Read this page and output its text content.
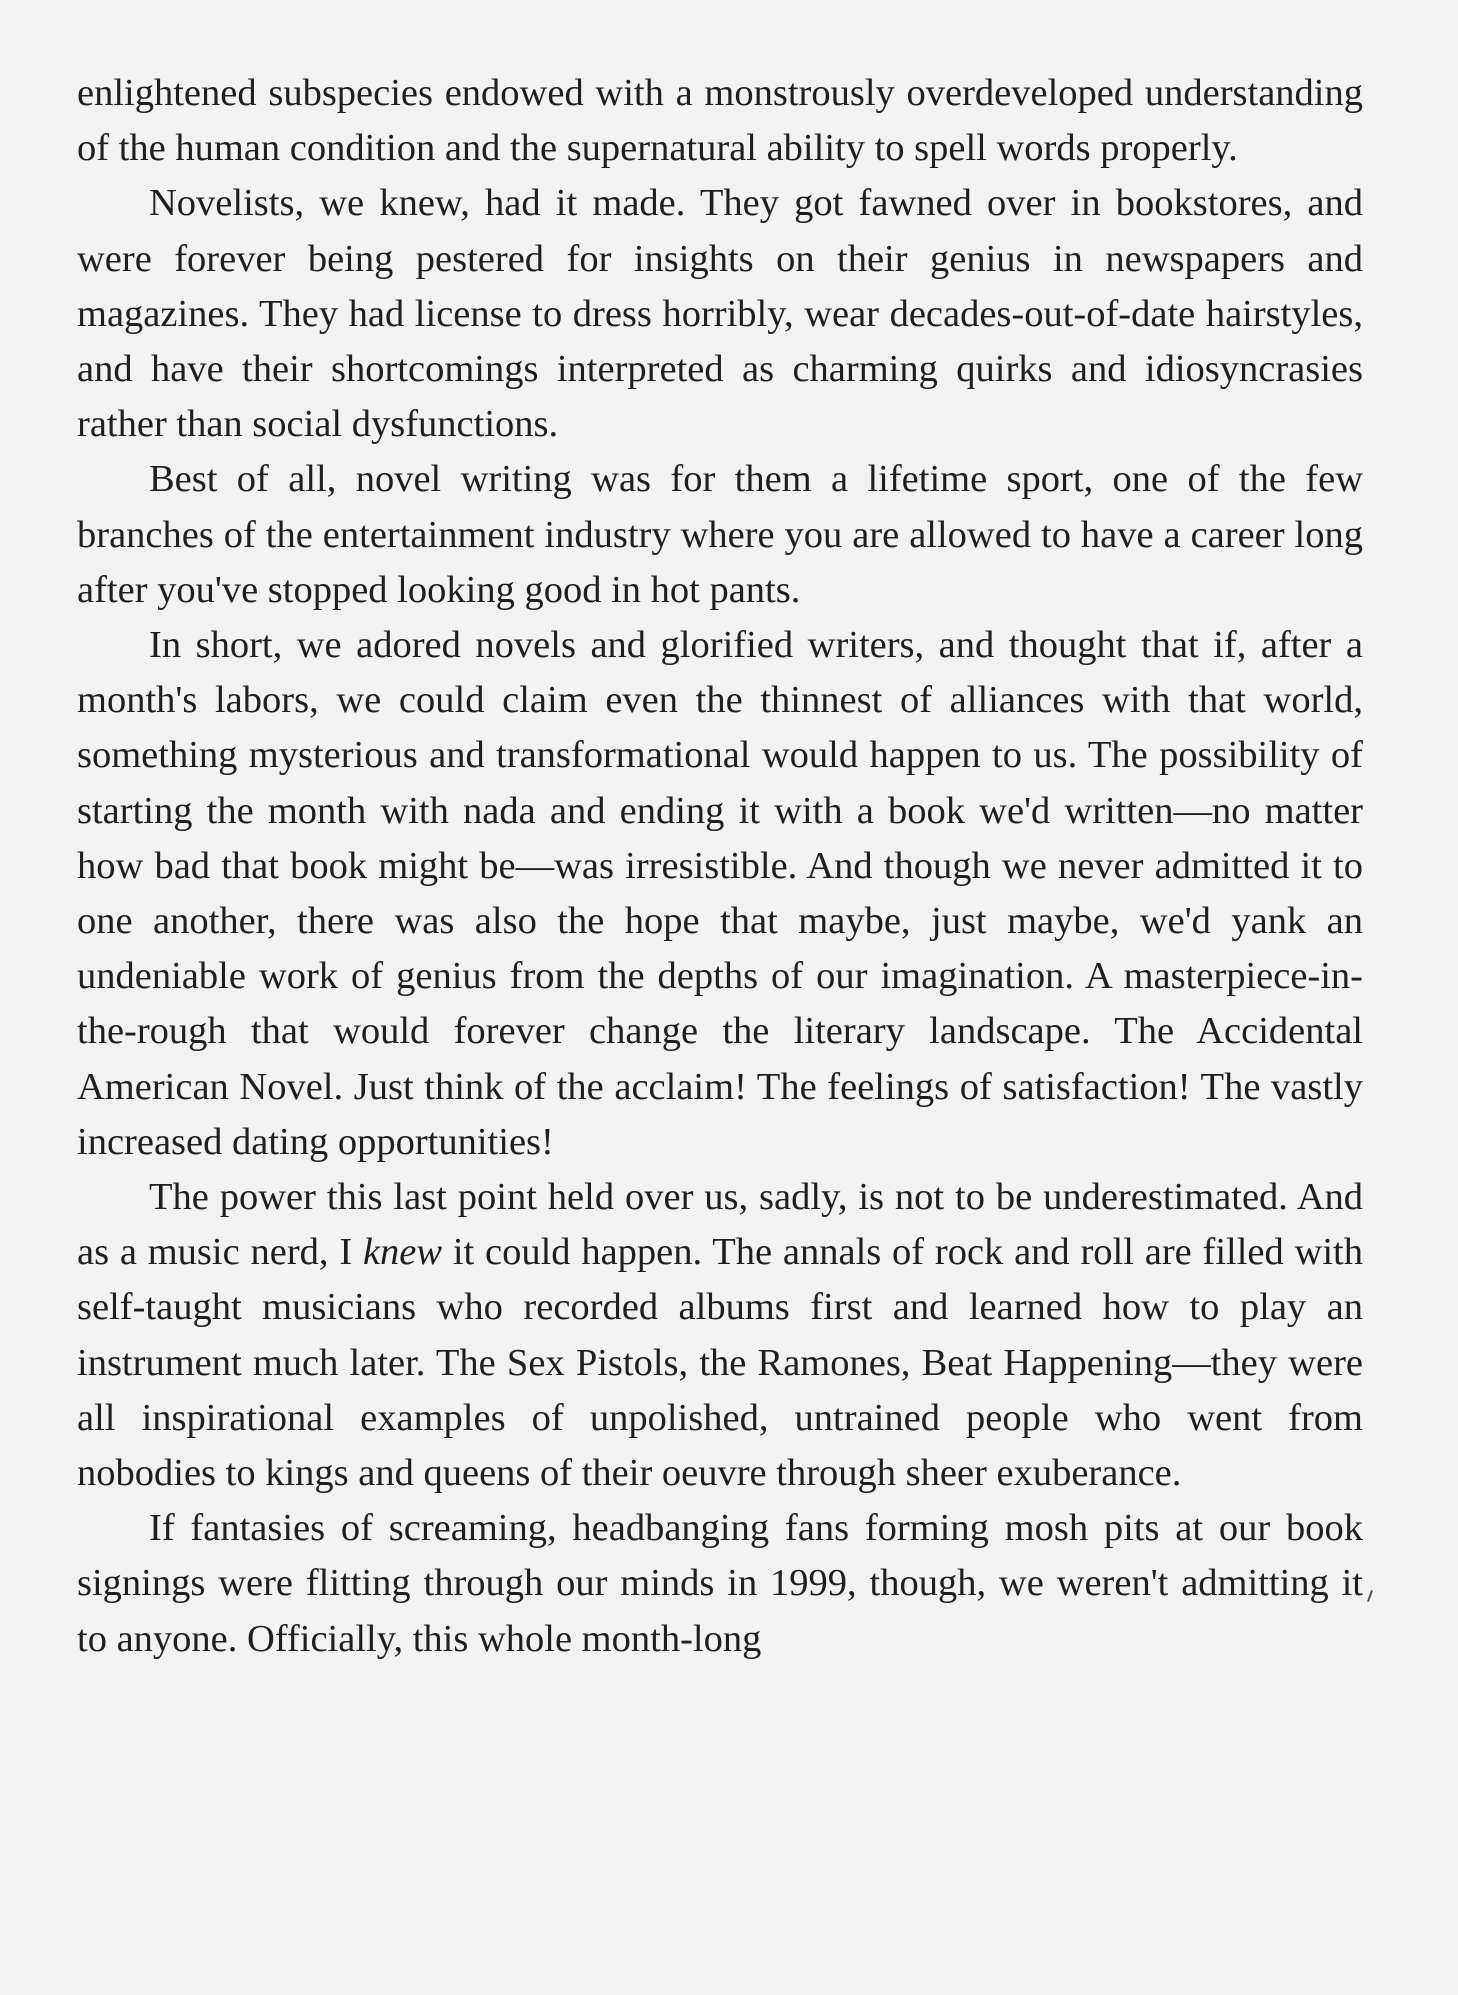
enlightened subspecies endowed with a monstrously overdeveloped understanding of the human condition and the supernatural ability to spell words properly.

Novelists, we knew, had it made. They got fawned over in bookstores, and were forever being pestered for insights on their genius in newspapers and magazines. They had license to dress horribly, wear decades-out-of-date hairstyles, and have their shortcomings interpreted as charming quirks and idiosyncrasies rather than social dysfunctions.

Best of all, novel writing was for them a lifetime sport, one of the few branches of the entertainment industry where you are allowed to have a career long after you've stopped looking good in hot pants.

In short, we adored novels and glorified writers, and thought that if, after a month's labors, we could claim even the thinnest of alliances with that world, something mysterious and transformational would happen to us. The possibility of starting the month with nada and ending it with a book we'd written—no matter how bad that book might be—was irresistible. And though we never admitted it to one another, there was also the hope that maybe, just maybe, we'd yank an undeniable work of genius from the depths of our imagination. A masterpiece-in-the-rough that would forever change the literary landscape. The Accidental American Novel. Just think of the acclaim! The feelings of satisfaction! The vastly increased dating opportunities!

The power this last point held over us, sadly, is not to be underestimated. And as a music nerd, I knew it could happen. The annals of rock and roll are filled with self-taught musicians who recorded albums first and learned how to play an instrument much later. The Sex Pistols, the Ramones, Beat Happening—they were all inspirational examples of unpolished, untrained people who went from nobodies to kings and queens of their oeuvre through sheer exuberance.

If fantasies of screaming, headbanging fans forming mosh pits at our book signings were flitting through our minds in 1999, though, we weren't admitting it to anyone. Officially, this whole month-long
